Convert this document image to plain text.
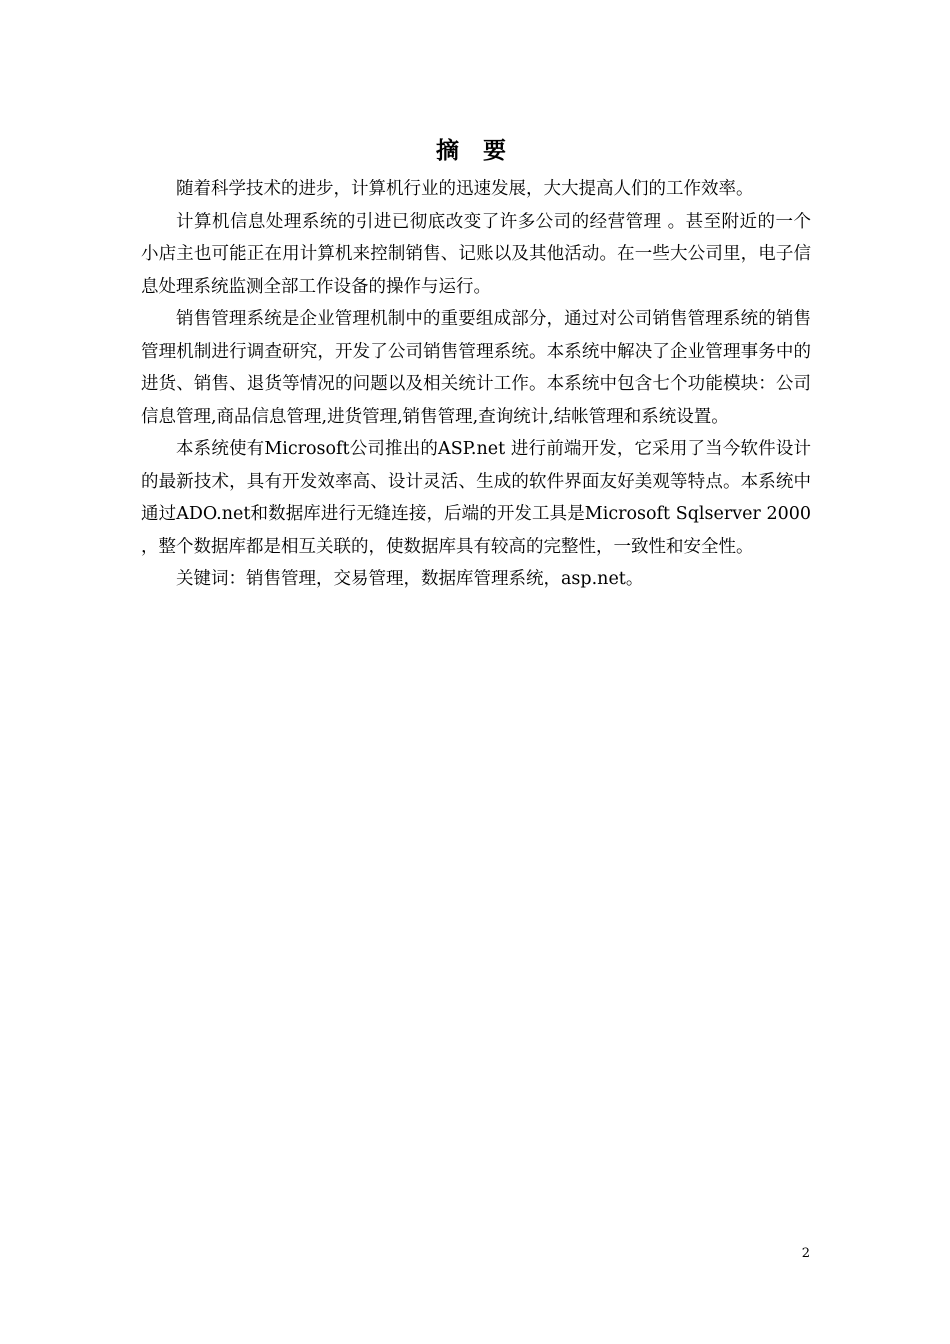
摘 要

随着科学技术的进步，计算机行业的迅速发展，大大提高人们的工作效率。

计算机信息处理系统的引进已彻底改变了许多公司的经营管理 。甚至附近的一个小店主也可能正在用计算机来控制销售、记账以及其他活动。在一些大公司里，电子信息处理系统监测全部工作设备的操作与运行。

销售管理系统是企业管理机制中的重要组成部分，通过对公司销售管理系统的销售管理机制进行调查研究，开发了公司销售管理系统。本系统中解决了企业管理事务中的进货、销售、退货等情况的问题以及相关统计工作。本系统中包含七个功能模块：公司信息管理,商品信息管理,进货管理,销售管理,查询统计,结帐管理和系统设置。

本系统使有Microsoft公司推出的ASP.net 进行前端开发，它采用了当今软件设计的最新技术，具有开发效率高、设计灵活、生成的软件界面友好美观等特点。本系统中通过ADO.net和数据库进行无缝连接，后端的开发工具是Microsoft Sqlserver 2000，整个数据库都是相互关联的，使数据库具有较高的完整性，一致性和安全性。

关键词：销售管理，交易管理，数据库管理系统，asp.net。

2
